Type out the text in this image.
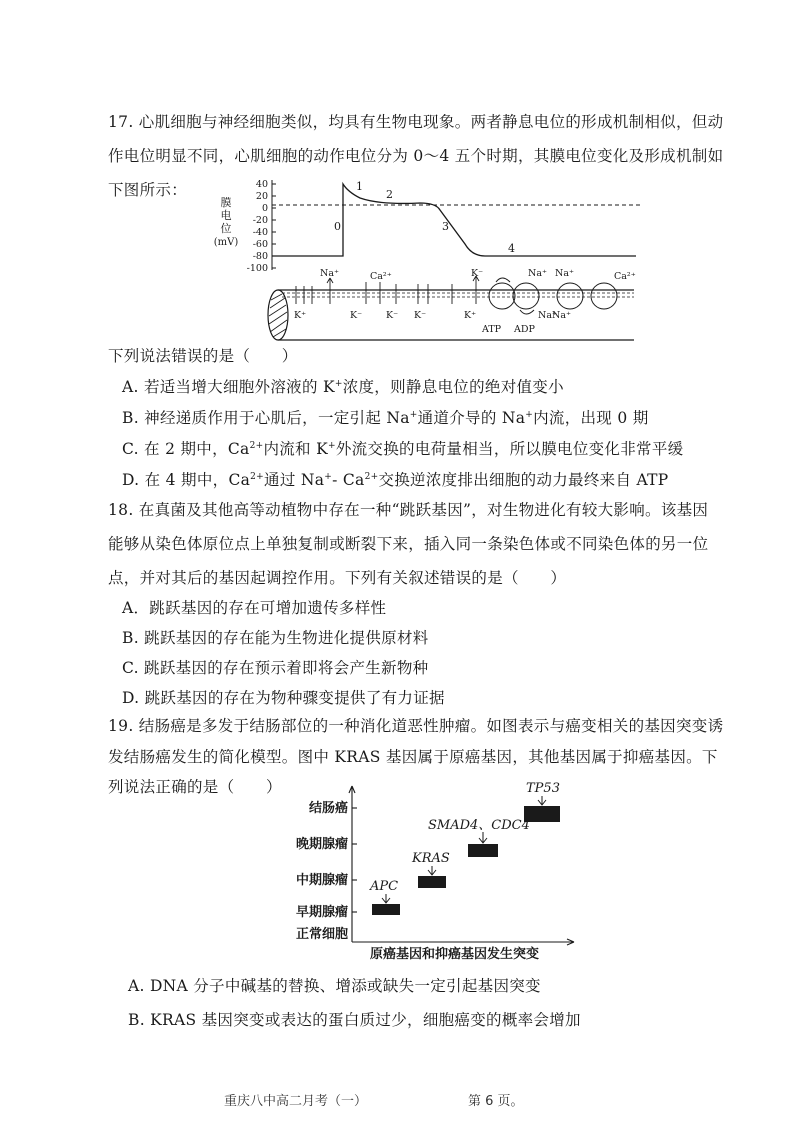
17. 心肌细胞与神经细胞类似，均具有生物电现象。两者静息电位的形成机制相似，但动
作电位明显不同，心肌细胞的动作电位分为 0～4 五个时期，其膜电位变化及形成机制如
下图所示：
膜
电
位
(mV)
40
20
0
-20
-40
-60
-80
-100
0
1
2
3
4
Na⁺	Ca²⁺	K⁻	Na⁺ Na⁺	Ca²⁺
K⁺	K⁻	K⁻ K⁻	K⁺	Na⁺
Na⁺
ATP ADP
下列说法错误的是（　　）
A. 若适当增大细胞外溶液的 K+浓度，则静息电位的绝对值变小
B. 神经递质作用于心肌后，一定引起 Na+通道介导的 Na+内流，出现 0 期
C. 在 2 期中，$Ca^{2+}$内流和 K+外流交换的电荷量相当，所以膜电位变化非常平缓
D. 在 4 期中，$Ca^{2+}$通过 Na+- $Ca^{2+}$交换逆浓度排出细胞的动力最终来自 ATP
18. 在真菌及其他高等动植物中存在一种“跳跃基因”，对生物进化有较大影响。该基因
能够从染色体原位点上单独复制或断裂下来，插入同一条染色体或不同染色体的另一位
点，并对其后的基因起调控作用。下列有关叙述错误的是（　　）
A．跳跃基因的存在可增加遗传多样性
B. 跳跃基因的存在能为生物进化提供原材料
C. 跳跃基因的存在预示着即将会产生新物种
D. 跳跃基因的存在为物种骤变提供了有力证据
19. 结肠癌是多发于结肠部位的一种消化道恶性肿瘤。如图表示与癌变相关的基因突变诱
发结肠癌发生的简化模型。图中 KRAS 基因属于原癌基因，其他基因属于抑癌基因。下
列说法正确的是（　　）
结肠癌
晚期腺瘤
中期腺瘤
早期腺瘤
正常细胞
APC
KRAS
SMAD4、CDC4
TP53
原癌基因和抑癌基因发生突变
A. DNA 分子中碱基的替换、增添或缺失一定引起基因突变
B. KRAS 基因突变或表达的蛋白质过少，细胞癌变的概率会增加
重庆八中高二月考（一）	第 6 页。
